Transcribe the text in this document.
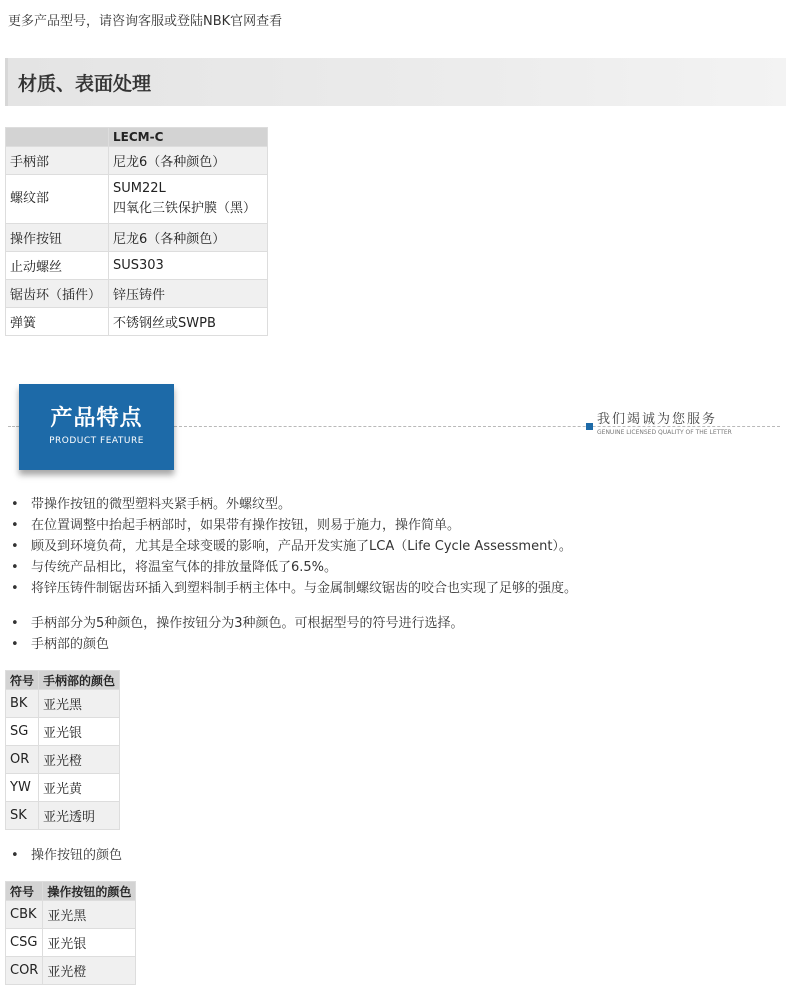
更多产品型号，请咨询客服或登陆NBK官网查看
材质、表面处理
	LECM-C
手柄部	尼龙6（各种颜色）
螺纹部	SUM22L
四氧化三铁保护膜（黑）

操作按钮	尼龙6（各种颜色）
止动螺丝	SUS303
锯齿环（插件）	锌压铸件
弹簧	不锈钢丝或SWPB
产品特点
PRODUCT FEATURE
我们竭诚为您服务
GENUINE LICENSED QUALITY OF THE LETTER
• 带操作按钮的微型塑料夹紧手柄。外螺纹型。
• 在位置调整中抬起手柄部时，如果带有操作按钮，则易于施力，操作简单。
• 顾及到环境负荷，尤其是全球变暖的影响，产品开发实施了LCA（Life Cycle Assessment）。
• 与传统产品相比，将温室气体的排放量降低了6.5%。
• 将锌压铸件制锯齿环插入到塑料制手柄主体中。与金属制螺纹锯齿的咬合也实现了足够的强度。
• 手柄部分为5种颜色，操作按钮分为3种颜色。可根据型号的符号进行选择。
• 手柄部的颜色
符号	手柄部的颜色
BK	亚光黑
SG	亚光银
OR	亚光橙
YW	亚光黄
SK	亚光透明
• 操作按钮的颜色
符号	操作按钮的颜色
CBK	亚光黑
CSG	亚光银
COR	亚光橙
